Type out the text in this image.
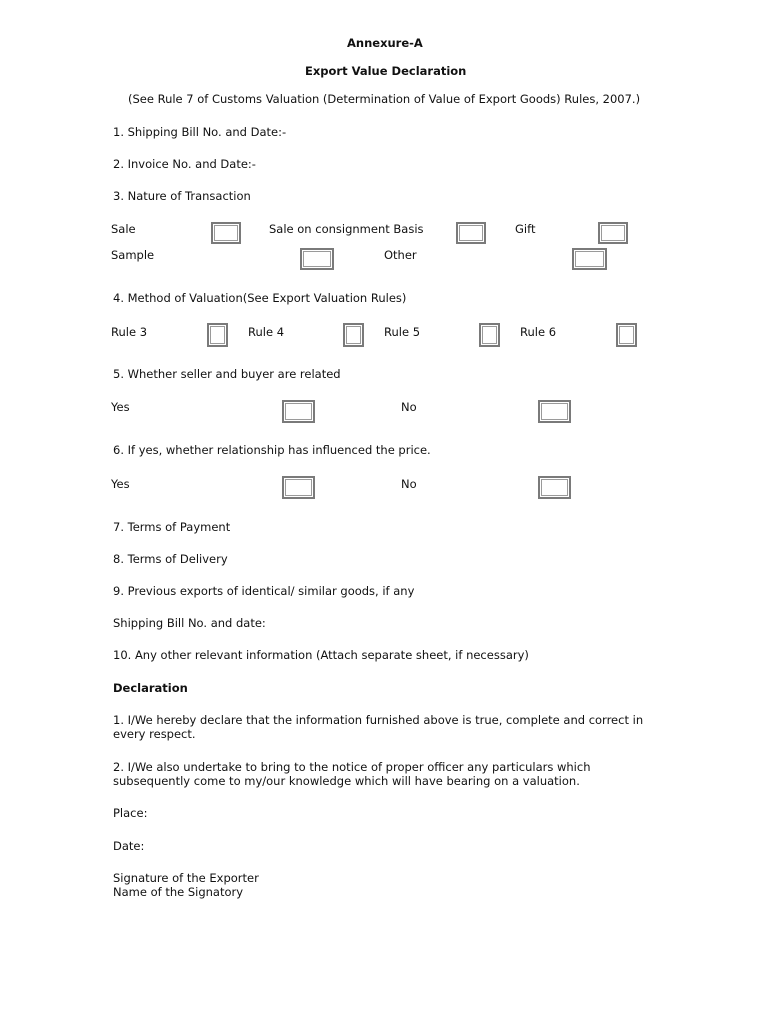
Annexure-A
Export Value Declaration
(See Rule 7 of Customs Valuation (Determination of Value of Export Goods) Rules, 2007.)
1. Shipping Bill No. and Date:-
2. Invoice No. and Date:-
3. Nature of Transaction
Sale	Sale on consignment Basis	Gift
Sample	Other
4. Method of Valuation(See Export Valuation Rules)
Rule 3	Rule 4	Rule 5	Rule 6
5. Whether seller and buyer are related
Yes	No
6. If yes, whether relationship has influenced the price.
Yes	No
7. Terms of Payment
8. Terms of Delivery
9. Previous exports of identical/ similar goods, if any
Shipping Bill No. and date:
10. Any other relevant information (Attach separate sheet, if necessary)
Declaration
1. I/We hereby declare that the information furnished above is true, complete and correct in
every respect.
2. I/We also undertake to bring to the notice of proper officer any particulars which
subsequently come to my/our knowledge which will have bearing on a valuation.
Place:
Date:
Signature of the Exporter
Name of the Signatory
